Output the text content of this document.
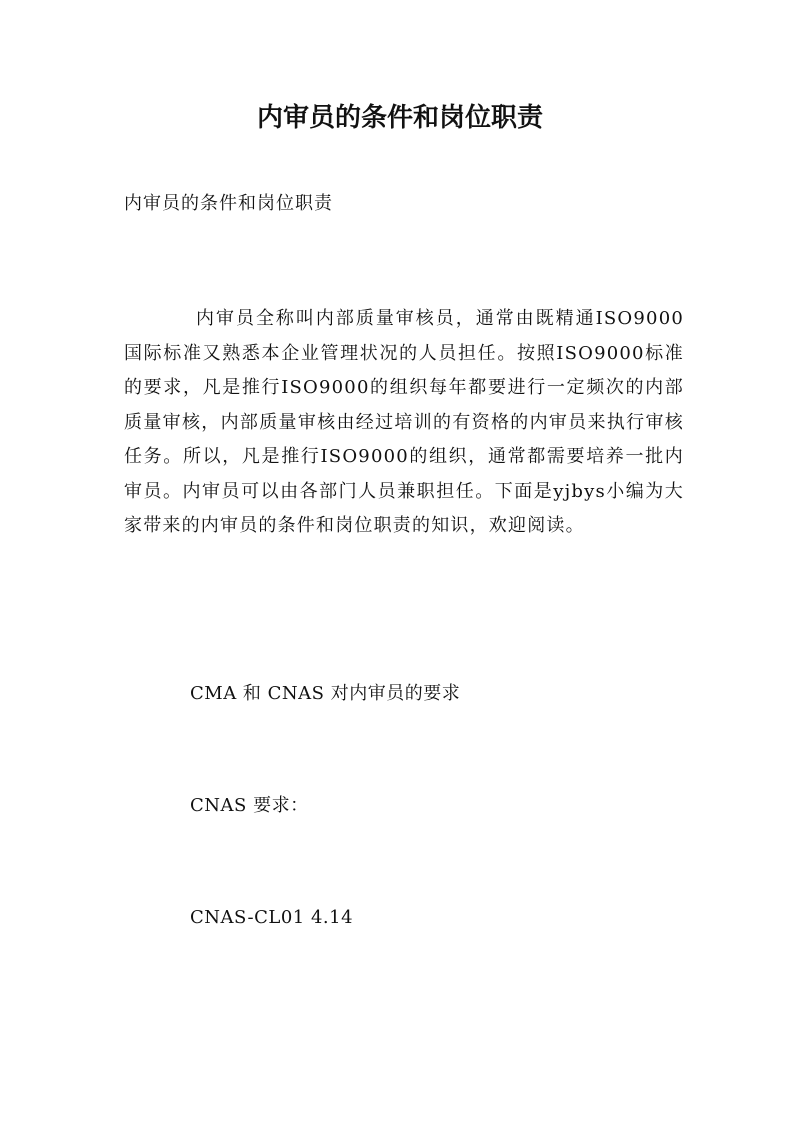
内审员的条件和岗位职责
内审员的条件和岗位职责
内审员全称叫内部质量审核员，通常由既精通ISO9000国际标准又熟悉本企业管理状况的人员担任。按照ISO9000标准的要求，凡是推行ISO9000的组织每年都要进行一定频次的内部质量审核，内部质量审核由经过培训的有资格的内审员来执行审核任务。所以，凡是推行ISO9000的组织，通常都需要培养一批内审员。内审员可以由各部门人员兼职担任。下面是yjbys小编为大家带来的内审员的条件和岗位职责的知识，欢迎阅读。
CMA 和 CNAS 对内审员的要求
CNAS 要求：
CNAS-CL01 4.14
